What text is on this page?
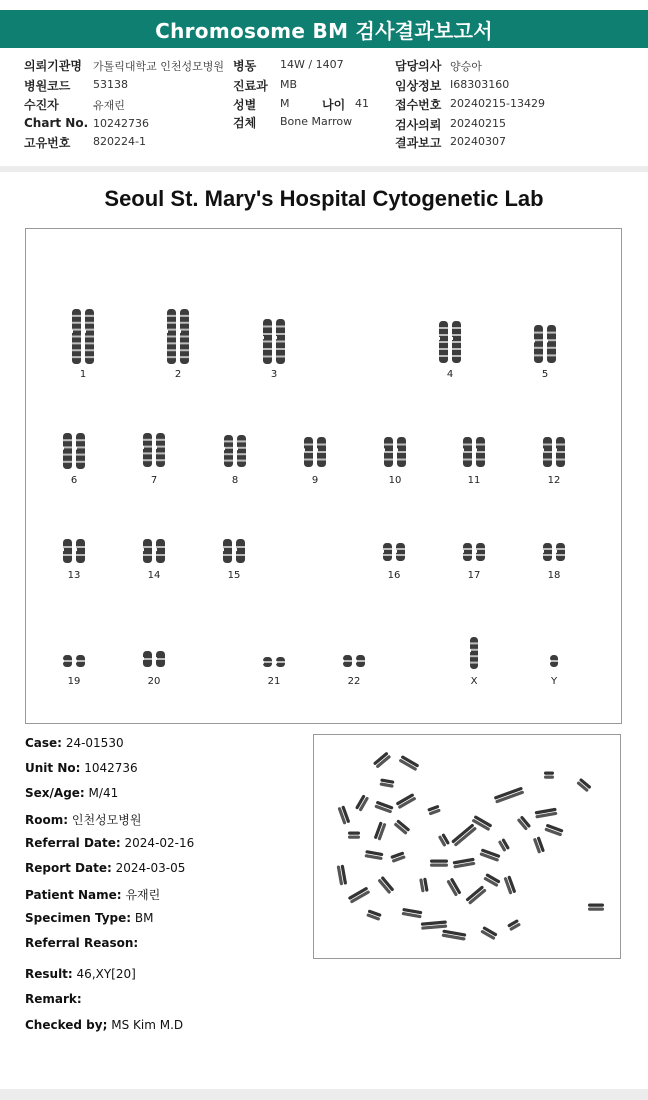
Chromosome BM 검사결과보고서
의뢰기관명 가톨릭대학교 인천성모병원
병원코드 53138
수진자	유재린
Chart No. 10242736
고유번호 820224-1
병동 14W / 1407
진료과 MB
성별 M	나이 41
검체 Bone Marrow
담당의사 양승아
임상정보 I68303160
접수번호 20240215-13429
검사의뢰 20240215
결과보고 20240307
Seoul St. Mary's Hospital Cytogenetic Lab
1	2	3	4	5
6	7	8	9	10	11	12
13	14	15	16	17	18
19	20	21	22	X	Y
Case: 24-01530
Unit No: 1042736
Sex/Age: M/41
Room: 인천성모병원
Referral Date: 2024-02-16
Report Date: 2024-03-05
Patient Name: 유재린
Specimen Type: BM
Referral Reason:
Result: 46,XY[20]
Remark:
Checked by; MS Kim M.D
